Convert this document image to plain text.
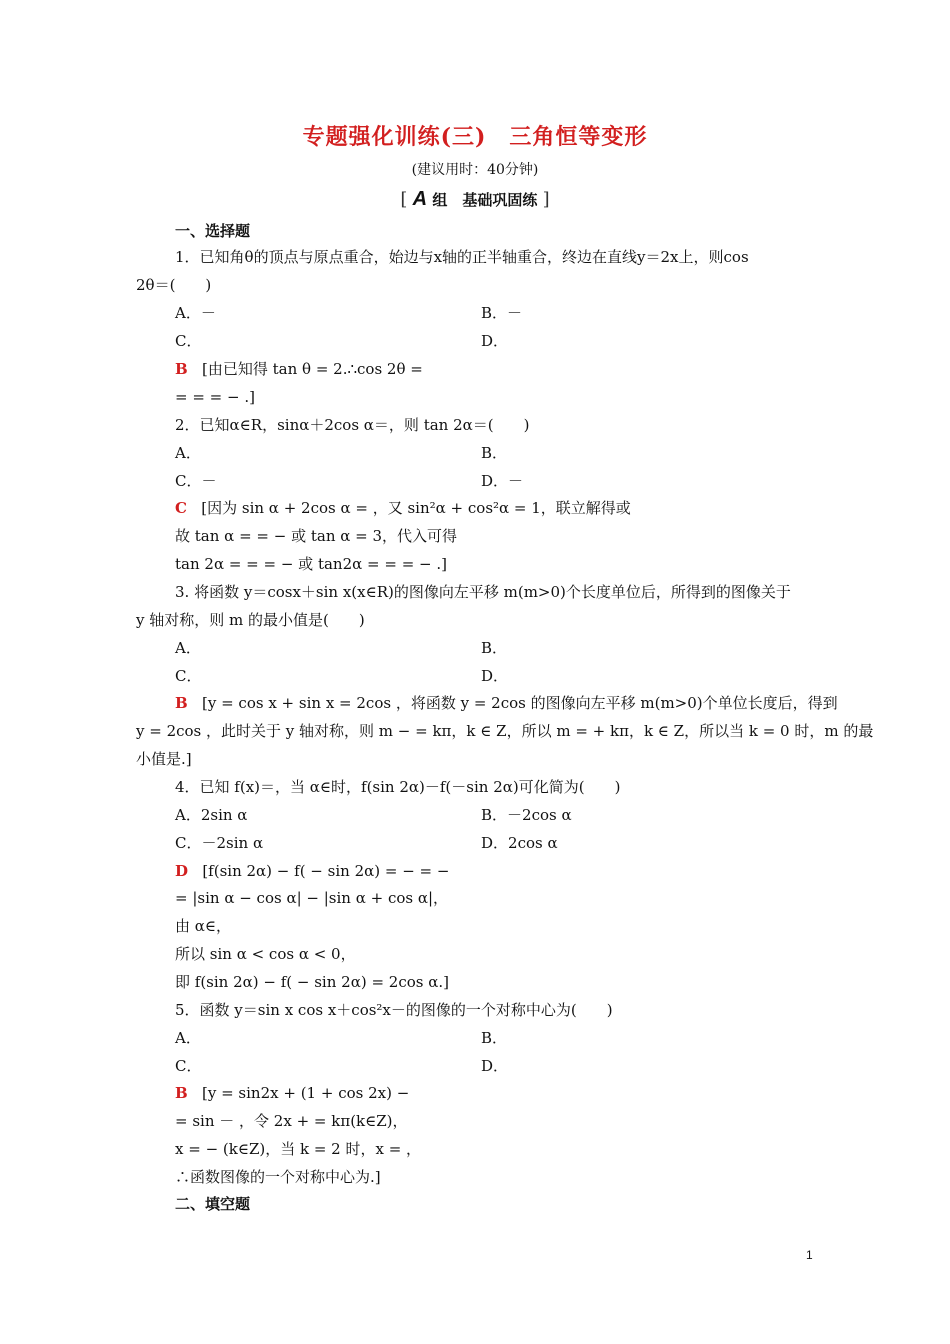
专题强化训练(三)　三角恒等变形
(建议用时：40分钟)
[ A 组　基础巩固练 ]
一、选择题
1．已知角θ的顶点与原点重合，始边与x轴的正半轴重合，终边在直线y＝2x上，则cos
2θ＝(　　)
A．－	B．－
C．	D．
B [由已知得 tan θ = 2.∴cos 2θ =
= = = − .]
2．已知α∈R，sinα＋2cos α＝，则 tan 2α＝(　　)
A．	B．
C．－	D．－
C [因为 sin α + 2cos α = ，又 sin²α + cos²α = 1，联立解得或
故 tan α = = − 或 tan α = 3，代入可得
tan 2α = = = − 或 tan2α = = = − .]
3. 将函数 y＝cosx＋sin x(x∈R)的图像向左平移 m(m>0)个长度单位后，所得到的图像关于
y 轴对称，则 m 的最小值是(　　)
A．	B．
C．	D．
B [y = cos x + sin x = 2cos ，将函数 y = 2cos 的图像向左平移 m(m>0)个单位长度后，得到
y = 2cos ，此时关于 y 轴对称，则 m − = kπ，k ∈ Z，所以 m = + kπ，k ∈ Z，所以当 k = 0 时，m 的最
小值是.]
4．已知 f(x)＝，当 α∈时，f(sin 2α)－f(－sin 2α)可化简为(　　)
A．2sin α	B．－2cos α
C．－2sin α	D．2cos α
D [f(sin 2α) − f( − sin 2α) = − = −
= |sin α − cos α| − |sin α + cos α|，
由 α∈，
所以 sin α < cos α < 0，
即 f(sin 2α) − f( − sin 2α) = 2cos α.]
5．函数 y＝sin x cos x＋cos²x－的图像的一个对称中心为(　　)
A．	B．
C．	D．
B [y = sin2x + (1 + cos 2x) −
= sin － ，令 2x + = kπ(k∈Z)，
x = − (k∈Z)，当 k = 2 时，x = ，
∴函数图像的一个对称中心为.]
二、填空题
1
